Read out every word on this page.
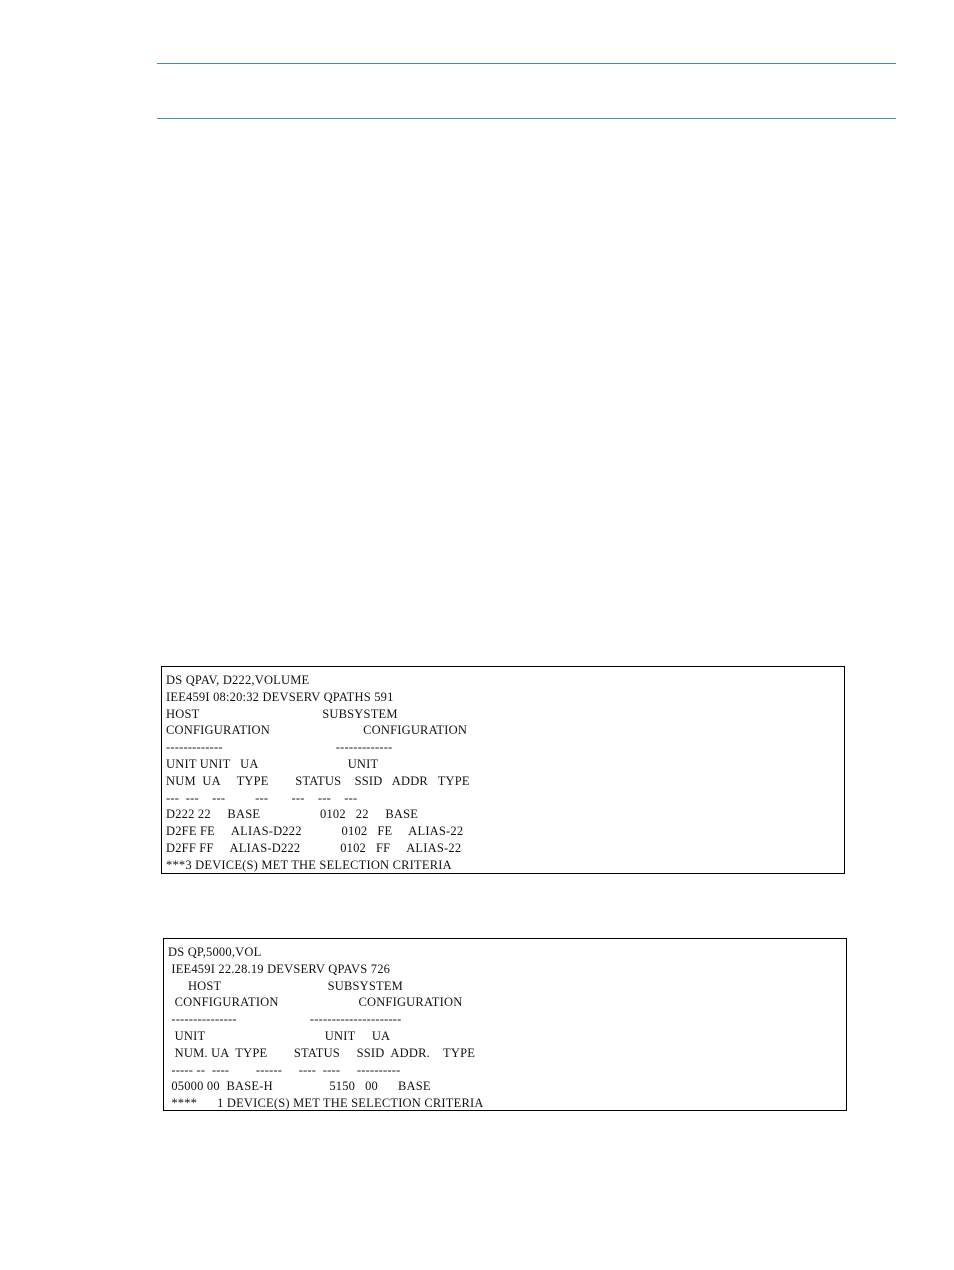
DS QPAV, D222,VOLUME
IEE459I 08:20:32 DEVSERV QPATHS 591
HOST                                     SUBSYSTEM
CONFIGURATION                            CONFIGURATION
-------------                                  -------------
UNIT UNIT   UA                           UNIT
NUM  UA     TYPE        STATUS    SSID   ADDR   TYPE
---  ---    ---         ---       ---    ---    ---
D222 22     BASE                  0102   22     BASE
D2FE FE     ALIAS-D222            0102   FE     ALIAS-22
D2FF FF     ALIAS-D222            0102   FF     ALIAS-22
***3 DEVICE(S) MET THE SELECTION CRITERIA
DS QP,5000,VOL
IEE459I 22.28.19 DEVSERV QPAVS 726
HOST                                SUBSYSTEM
CONFIGURATION                        CONFIGURATION
---------------                      ---------------------
UNIT                                    UNIT     UA
NUM. UA  TYPE        STATUS     SSID  ADDR.    TYPE
----- --  ----        ------     ----  ----     ----------
05000 00  BASE-H                 5150   00      BASE
****      1 DEVICE(S) MET THE SELECTION CRITERIA
